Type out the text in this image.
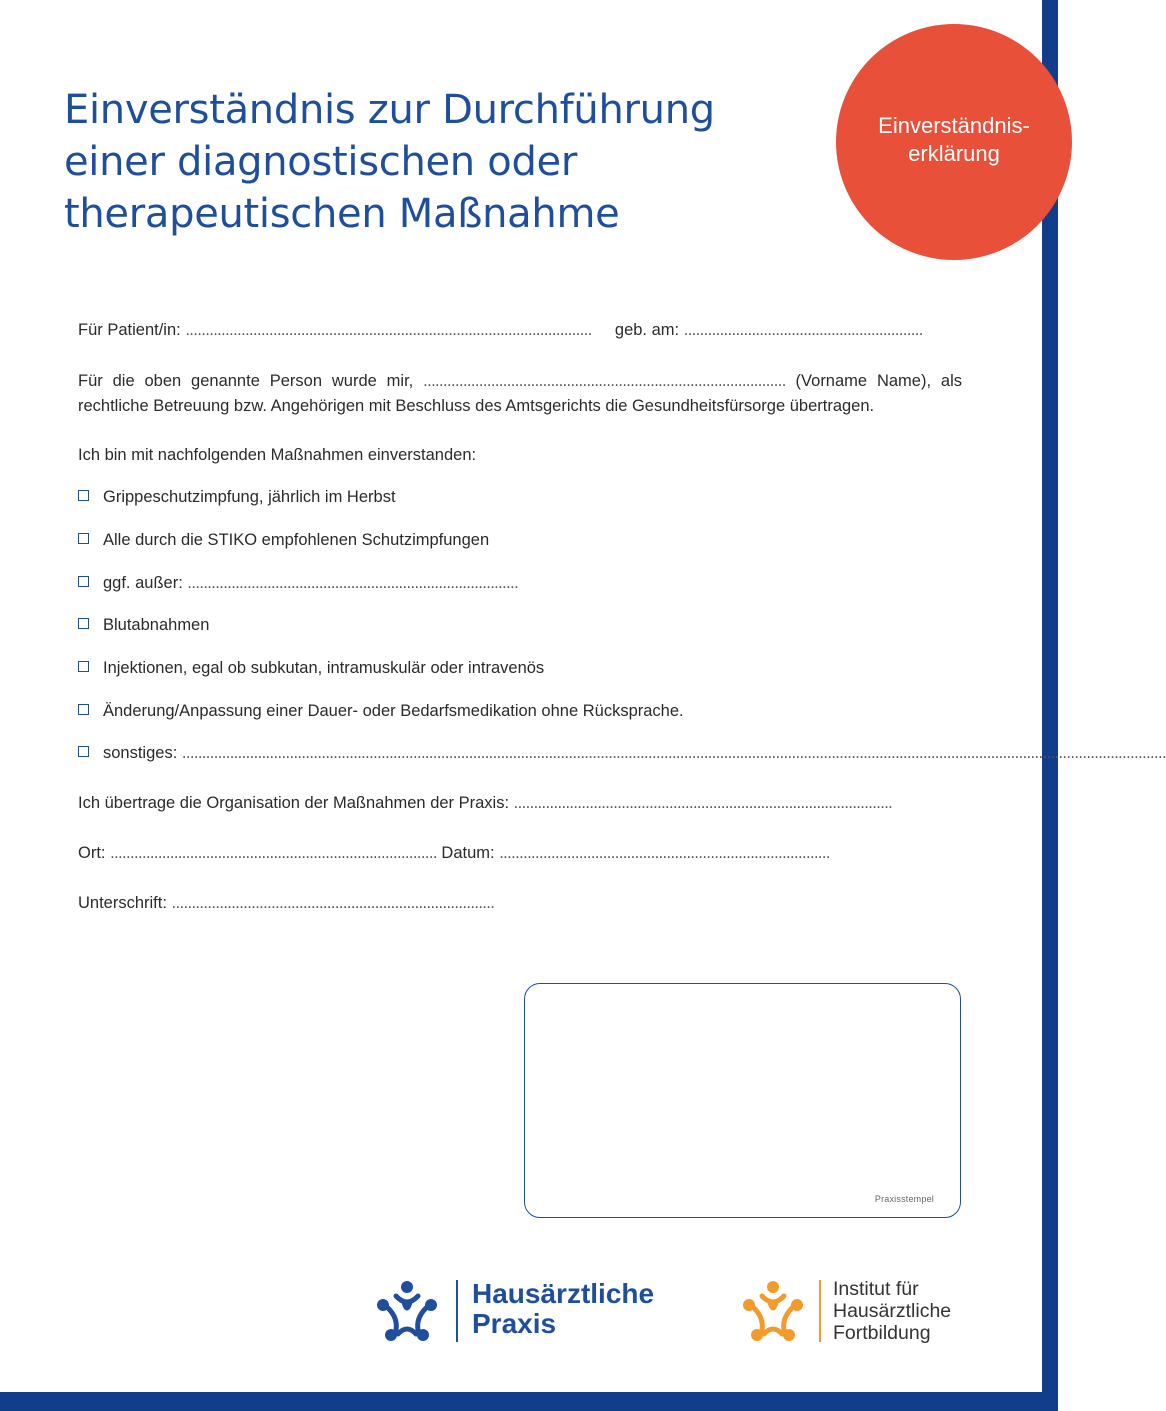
Einverständnis-
erklärung
Einverständnis zur Durchführung
einer diagnostischen oder
therapeutischen Maßnahme
Für Patient/in: ...................................................................................................... geb. am: ............................................................
Für die oben genannte Person wurde mir, ........................................................................................... (Vorname Name), als rechtliche Betreuung bzw. Angehörigen mit Beschluss des Amtsgerichts die Gesundheitsfürsorge übertragen.
Ich bin mit nachfolgenden Maßnahmen einverstanden:
Grippeschutzimpfung, jährlich im Herbst
Alle durch die STIKO empfohlenen Schutzimpfungen
ggf. außer: ...................................................................................
Blutabnahmen
Injektionen, egal ob subkutan, intramuskulär oder intravenös
Änderung/Anpassung einer Dauer- oder Bedarfsmedikation ohne Rücksprache.
sonstiges: .......................................................................................................................................................................................................................................................
Ich übertrage die Organisation der Maßnahmen der Praxis: ...............................................................................................
Ort: .................................................................................. Datum: ...................................................................................
Unterschrift: .................................................................................
Praxisstempel
Hausärztliche
Praxis
Institut für
Hausärztliche
Fortbildung
